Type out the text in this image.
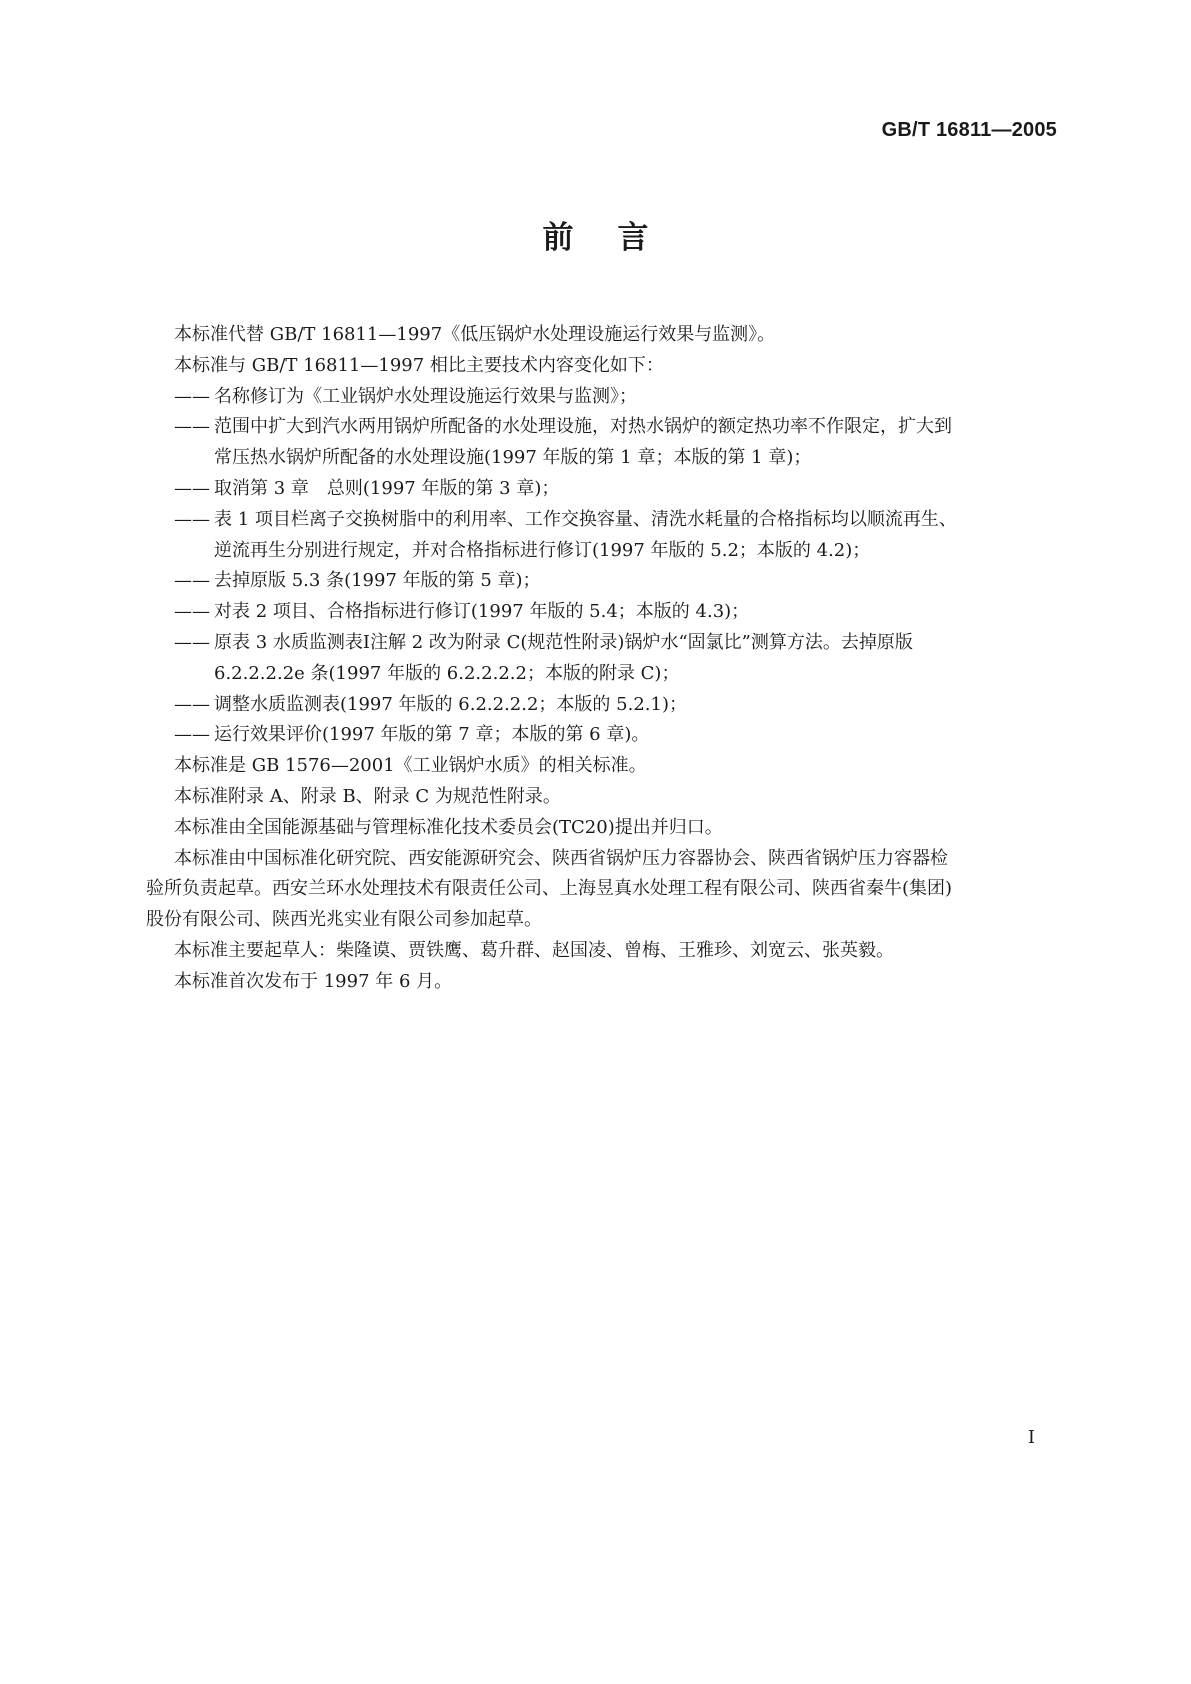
GB/T 16811—2005
前言

本标准代替 GB/T 16811—1997《低压锅炉水处理设施运行效果与监测》。

本标准与 GB/T 16811—1997 相比主要技术内容变化如下：

—— 名称修订为《工业锅炉水处理设施运行效果与监测》；

—— 范围中扩大到汽水两用锅炉所配备的水处理设施，对热水锅炉的额定热功率不作限定，扩大到

常压热水锅炉所配备的水处理设施(1997 年版的第 1 章；本版的第 1 章)；

—— 取消第 3 章　总则(1997 年版的第 3 章)；

—— 表 1 项目栏离子交换树脂中的利用率、工作交换容量、清洗水耗量的合格指标均以顺流再生、

逆流再生分别进行规定，并对合格指标进行修订(1997 年版的 5.2；本版的 4.2)；

—— 去掉原版 5.3 条(1997 年版的第 5 章)；

—— 对表 2 项目、合格指标进行修订(1997 年版的 5.4；本版的 4.3)；

—— 原表 3 水质监测表Ⅰ注解 2 改为附录 C(规范性附录)锅炉水“固氯比”测算方法。去掉原版

6.2.2.2.2e 条(1997 年版的 6.2.2.2.2；本版的附录 C)；

—— 调整水质监测表(1997 年版的 6.2.2.2.2；本版的 5.2.1)；

—— 运行效果评价(1997 年版的第 7 章；本版的第 6 章)。

本标准是 GB 1576—2001《工业锅炉水质》的相关标准。

本标准附录 A、附录 B、附录 C 为规范性附录。

本标准由全国能源基础与管理标准化技术委员会(TC20)提出并归口。

本标准由中国标准化研究院、西安能源研究会、陕西省锅炉压力容器协会、陕西省锅炉压力容器检

验所负责起草。西安兰环水处理技术有限责任公司、上海昱真水处理工程有限公司、陕西省秦牛(集团)

股份有限公司、陕西光兆实业有限公司参加起草。

本标准主要起草人：柴隆谟、贾铁鹰、葛升群、赵国凌、曾梅、王雅珍、刘宽云、张英毅。

本标准首次发布于 1997 年 6 月。

I
